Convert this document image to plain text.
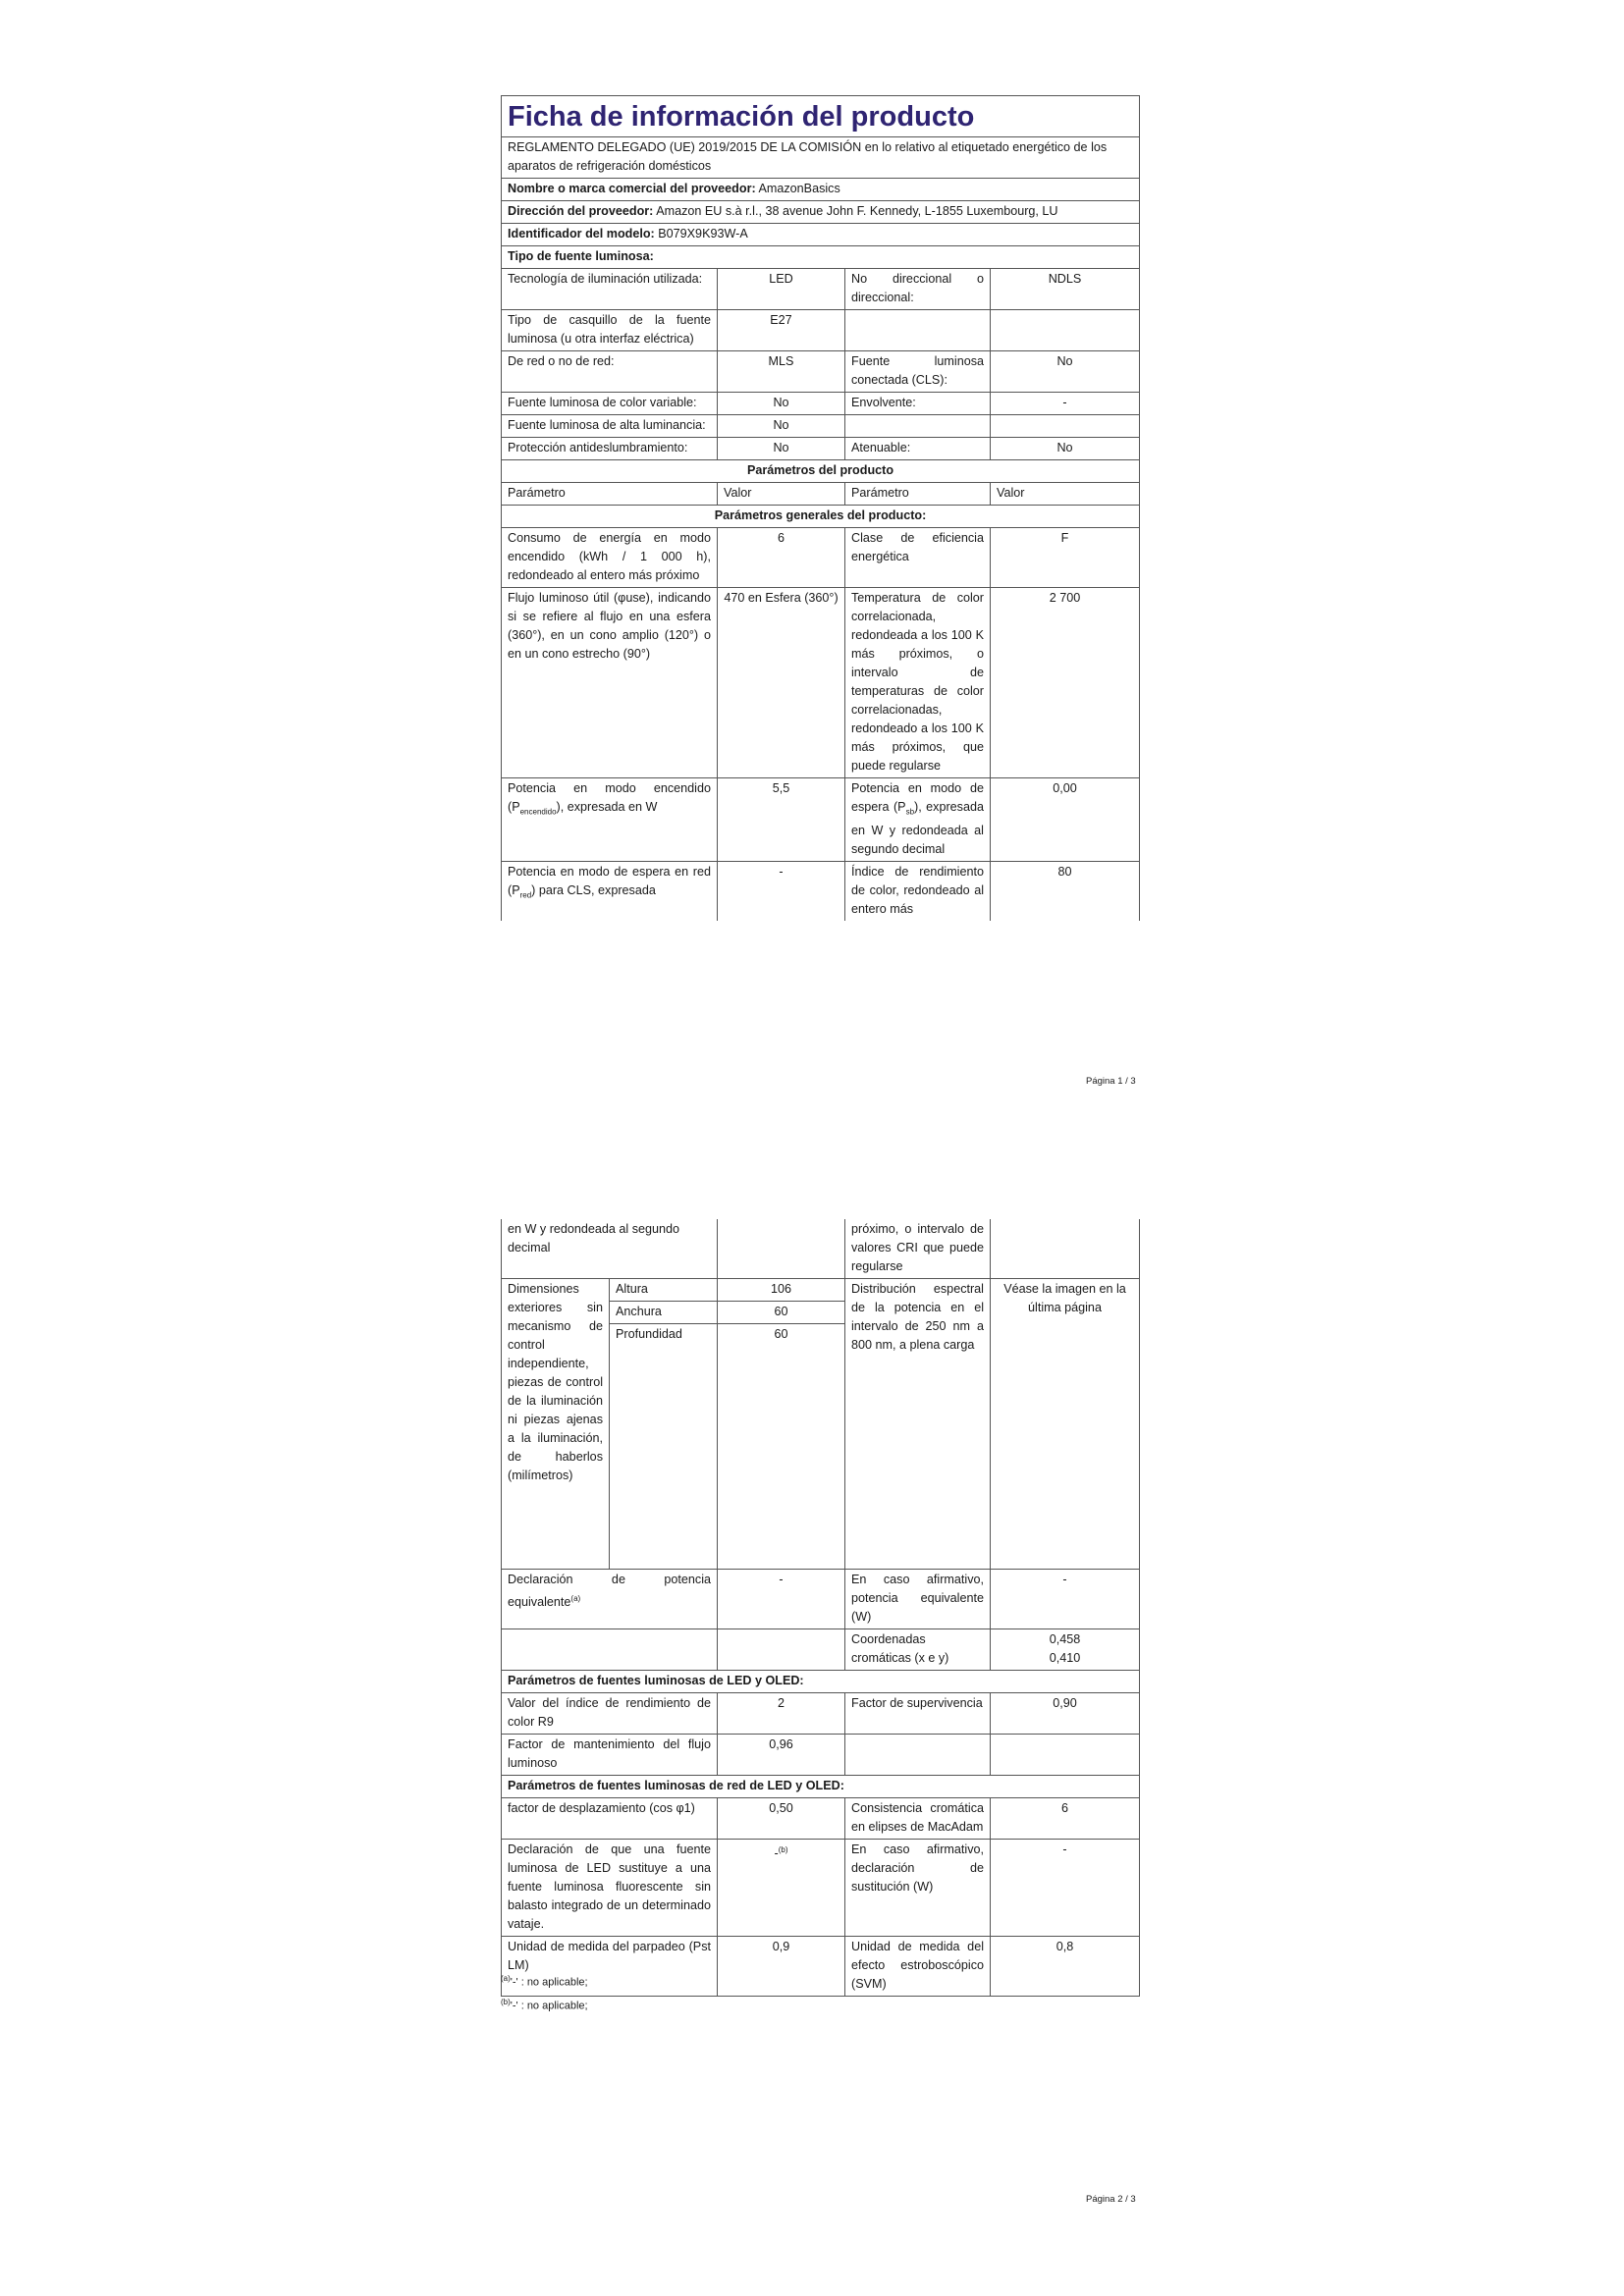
Ficha de información del producto			
REGLAMENTO DELEGADO (UE) 2019/2015 DE LA COMISIÓN en lo relativo al etiquetado energético de los aparatos de refrigeración domésticos			
Nombre o marca comercial del proveedor: AmazonBasics			
Dirección del proveedor: Amazon EU s.à r.l., 38 avenue John F. Kennedy, L-1855 Luxembourg, LU			
Identificador del modelo: B079X9K93W-A			
Tipo de fuente luminosa:			
Tecnología de iluminación utilizada:	LED	No direccional o direccional:	NDLS
Tipo de casquillo de la fuente luminosa (u otra interfaz eléctrica)	E27		
De red o no de red:	MLS	Fuente luminosa conectada (CLS):	No
Fuente luminosa de color variable:	No	Envolvente:	-
Fuente luminosa de alta luminancia:	No		
Protección antideslumbramiento:	No	Atenuable:	No
Parámetros del producto			
Parámetro	Valor	Parámetro	Valor
Parámetros generales del producto:			
Consumo de energía en modo encendido (kWh / 1 000 h), redondeado al entero más próximo	6	Clase de eficiencia energética	F
Flujo luminoso útil (φuse), indicando si se refiere al flujo en una esfera (360°), en un cono amplio (120°) o en un cono estrecho (90°)	470 en Esfera (360°)	Temperatura de color correlacionada, redondeada a los 100 K más próximos, o intervalo de temperaturas de color correlacionadas, redondeado a los 100 K más próximos, que puede regularse	2 700
Potencia en modo encendido $(P_{encendido})$, expresada en W	5,5	Potencia en modo de espera $(P_{sb})$, expresada en W y redondeada al segundo decimal	0,00
Potencia en modo de espera en red $(P_{red})$ para CLS, expresada	-	Índice de rendimiento de color, redondeado al entero más	80
Página 1 / 3
en W y redondeada al segundo decimal			próximo, o intervalo de valores CRI que puede regularse	
Dimensiones exteriores sin mecanismo de control independiente, piezas de control de la iluminación ni piezas ajenas a la iluminación, de haberlos (milímetros)	Altura	106	Distribución espectral de la potencia en el intervalo de 250 nm a 800 nm, a plena carga	Véase la imagen en la última página
	Anchura	60		
	Profundidad	60		
Declaración de potencia equivalente$^{(a)}$		-	En caso afirmativo, potencia equivalente (W)	-
			Coordenadas cromáticas (x e y)	0,458
0,410

Parámetros de fuentes luminosas de LED y OLED:				
Valor del índice de rendimiento de color R9		2	Factor de supervivencia	0,90
Factor de mantenimiento del flujo luminoso		0,96		
Parámetros de fuentes luminosas de red de LED y OLED:				
factor de desplazamiento (cos φ1)		0,50	Consistencia cromática en elipses de MacAdam	6
Declaración de que una fuente luminosa de LED sustituye a una fuente luminosa fluorescente sin balasto integrado de un determinado vataje.		-$^{(b)}$	En caso afirmativo, declaración de sustitución (W)	-
Unidad de medida del parpadeo (Pst LM)		0,9	Unidad de medida del efecto estroboscópico (SVM)	0,8
$^{(a)}$'-' : no aplicable;
$^{(b)}$'-' : no aplicable;
Página 2 / 3
